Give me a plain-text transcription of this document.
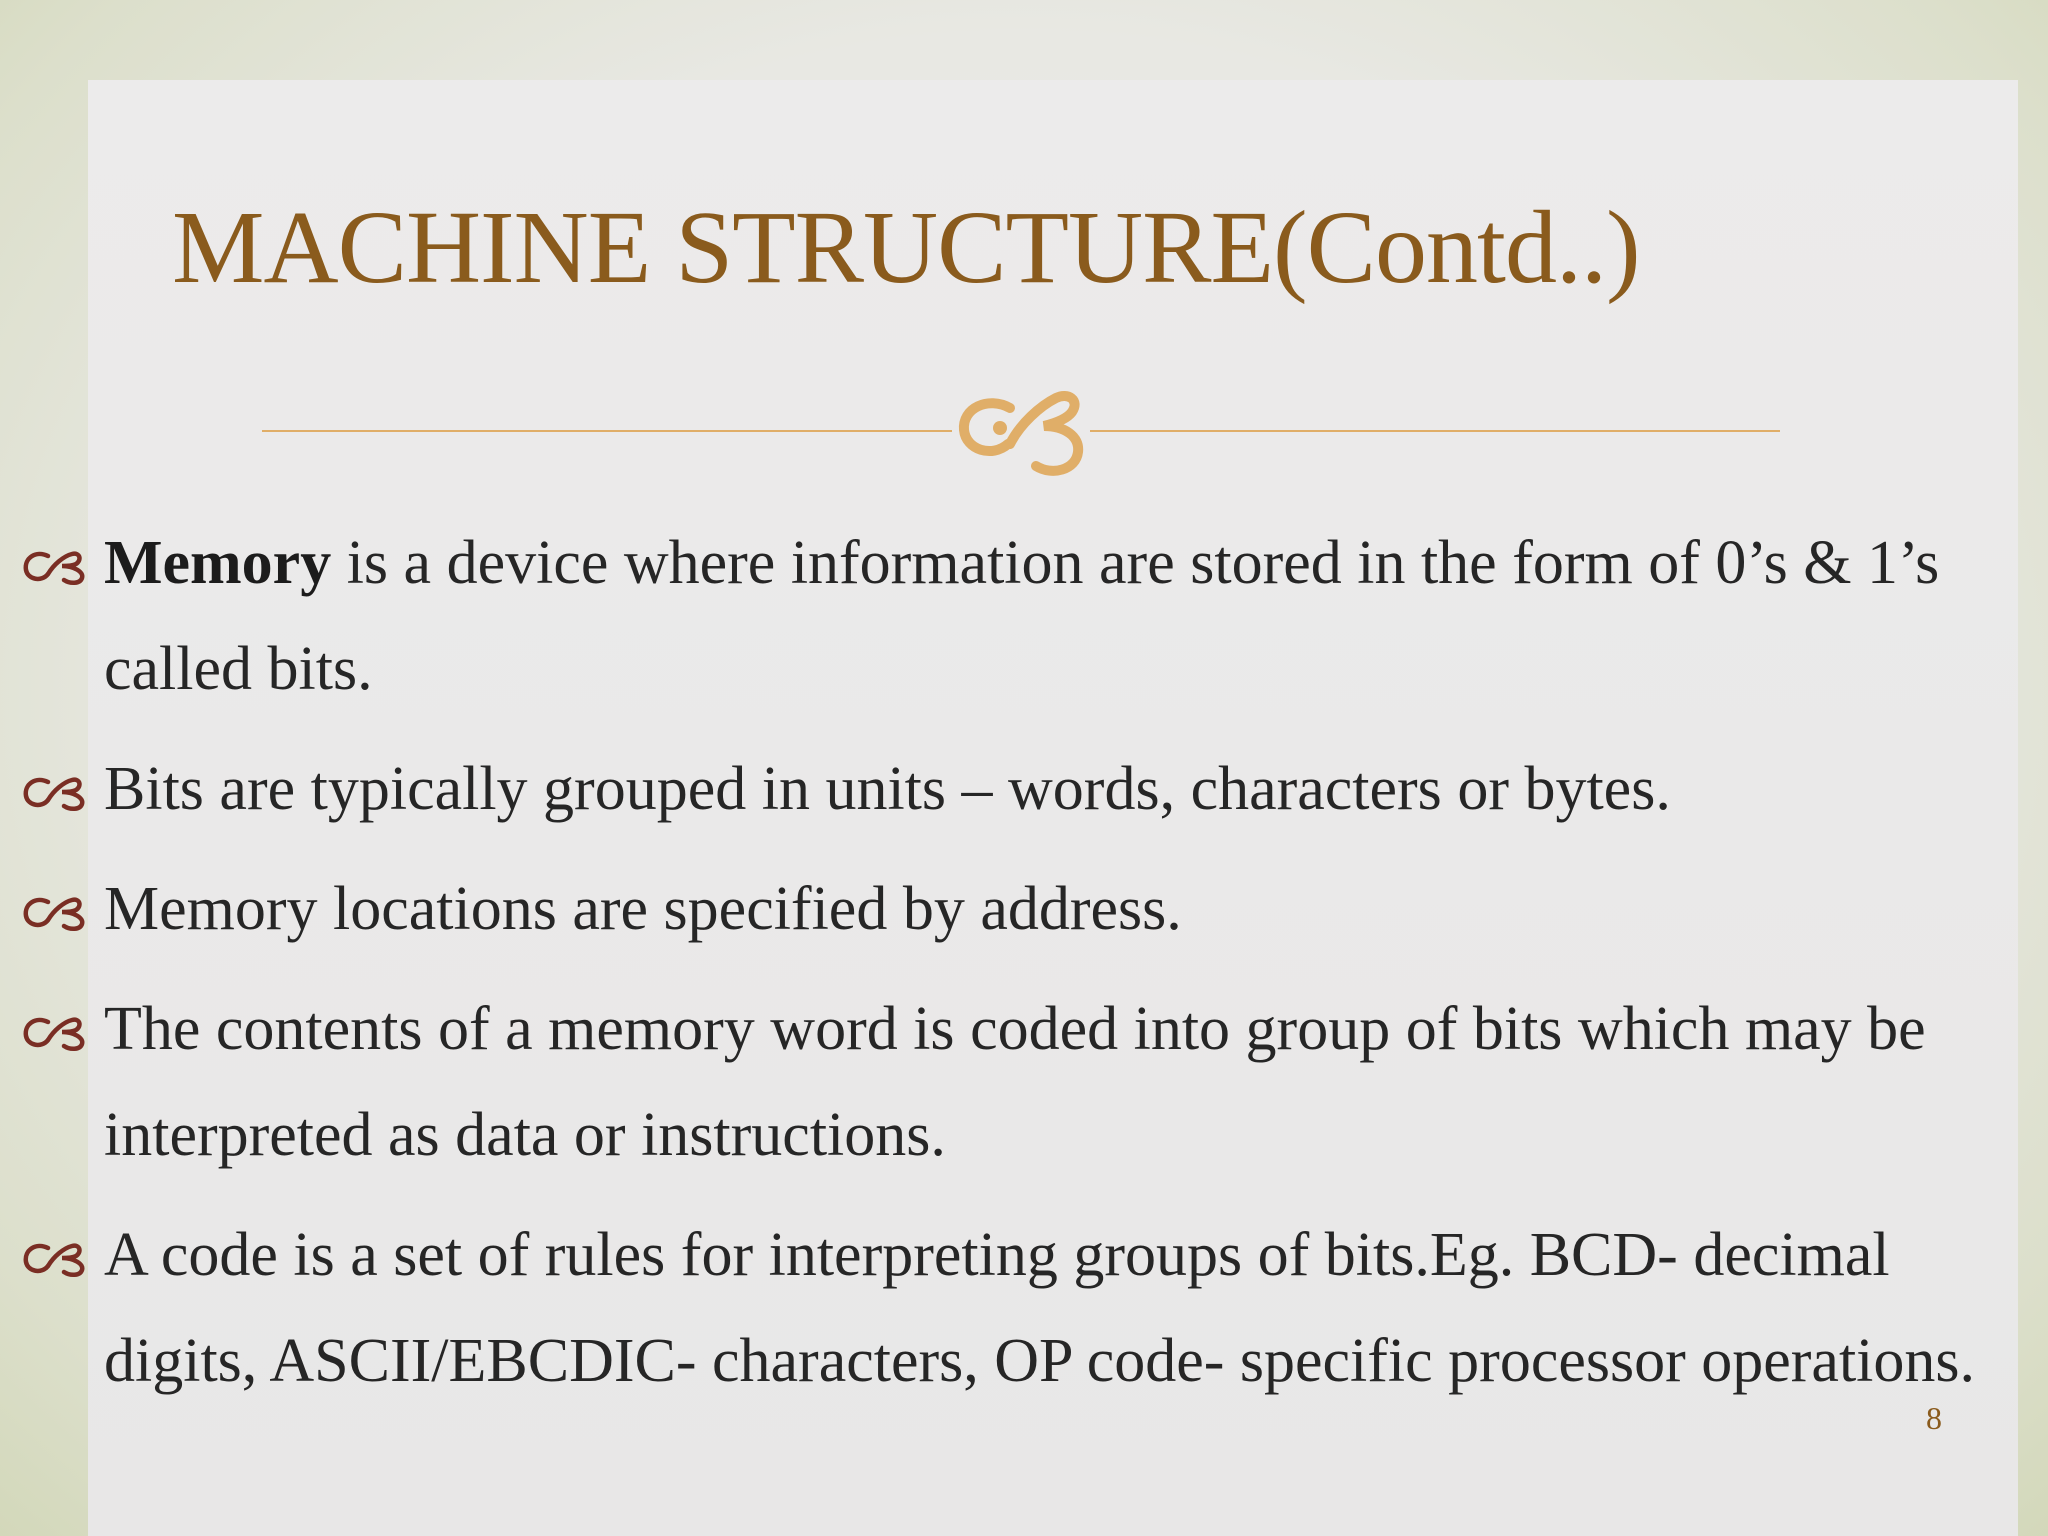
MACHINE STRUCTURE(Contd..)
Memory is a device where information are stored in the form of 0’s & 1’s called bits.
Bits are typically grouped in units – words, characters or bytes.
Memory locations are specified by address.
The contents of a memory word is coded into group of bits which may be interpreted as data or instructions.
A code is a set of rules for interpreting groups of bits.Eg. BCD- decimal digits, ASCII/EBCDIC- characters, OP code- specific processor operations.
8
